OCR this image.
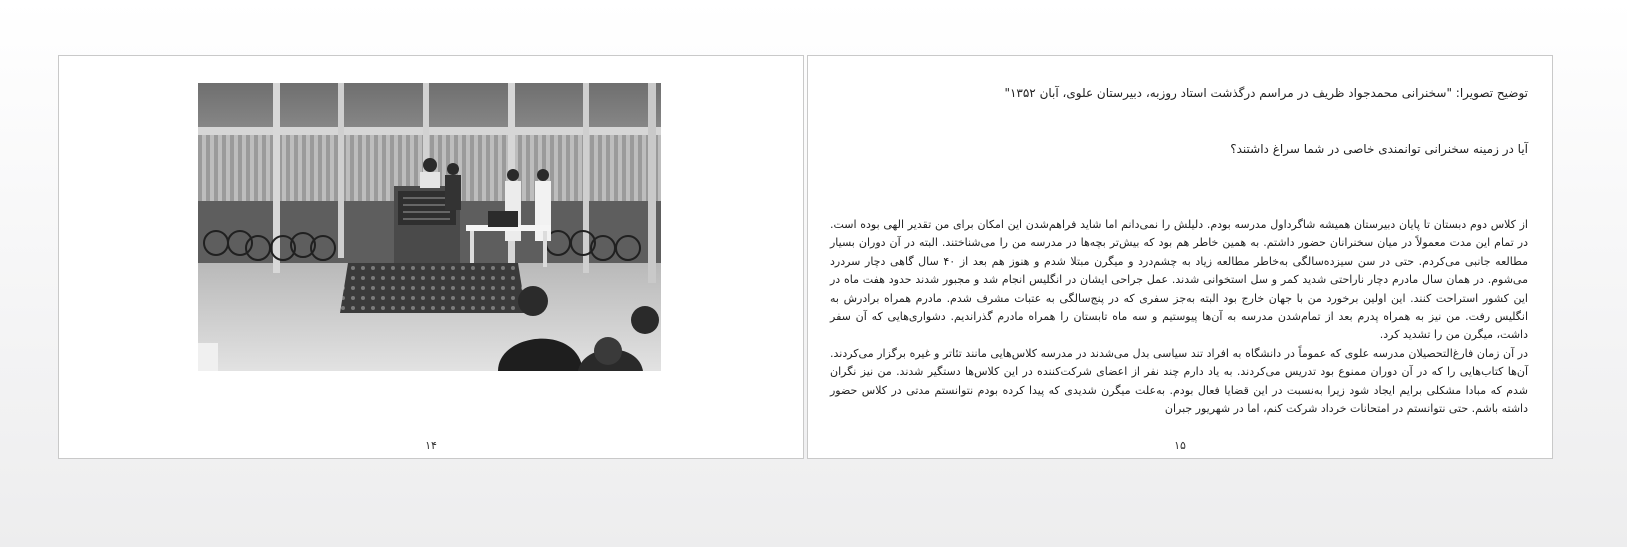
۱۴
توضیح تصویرا: "سخنرانی محمدجواد ظریف در مراسم درگذشت استاد روزبه، دبیرستان علوی، آبان ۱۳۵۲"
آیا در زمینه سخنرانی توانمندی خاصی در شما سراغ داشتند؟

از کلاس دوم دبستان تا پایان دبیرستان همیشه شاگرداول مدرسه بودم. دلیلش را نمی‌دانم اما شاید فراهم‌شدن این امکان برای من تقدیر الهی بوده است. در تمام این مدت معمولاً در میان سخنرانان حضور داشتم. به همین خاطر هم بود که بیش‌تر بچه‌ها در مدرسه من را می‌شناختند. البته در آن دوران بسیار مطالعه جانبی می‌کردم. حتی در سن سیزده‌سالگی به‌خاطر مطالعه زیاد به چشم‌درد و میگرن مبتلا شدم و هنوز هم بعد از ۴۰ سال گاهی دچار سردرد می‌شوم. در همان سال مادرم دچار ناراحتی شدید کمر و سل استخوانی شدند. عمل جراحی ایشان در انگلیس انجام شد و مجبور شدند حدود هفت ماه در این کشور استراحت کنند. این اولین برخورد من با جهان خارج بود البته به‌جز سفری که در پنج‌سالگی به عتبات مشرف شدم. مادرم همراه برادرش به انگلیس رفت. من نیز به همراه پدرم بعد از تمام‌شدن مدرسه به آن‌ها پیوستیم و سه ماه تابستان را همراه مادرم گذراندیم. دشواری‌هایی که آن سفر داشت، میگرن من را تشدید کرد.

در آن زمان فارغ‌التحصیلان مدرسه علوی که عموماً در دانشگاه به افراد تند سیاسی بدل می‌شدند در مدرسه کلاس‌هایی مانند تئاتر و غیره برگزار می‌کردند. آن‌ها کتاب‌هایی را که در آن دوران ممنوع بود تدریس می‌کردند. به یاد دارم چند نفر از اعضای شرکت‌کننده در این کلاس‌ها دستگیر شدند. من نیز نگران شدم که مبادا مشکلی برایم ایجاد شود زیرا به‌نسبت در این قضایا فعال بودم. به‌علت میگرن شدیدی که پیدا کرده بودم نتوانستم مدتی در کلاس حضور داشته باشم. حتی نتوانستم در امتحانات خرداد شرکت کنم، اما در شهریور جبران

۱۵
